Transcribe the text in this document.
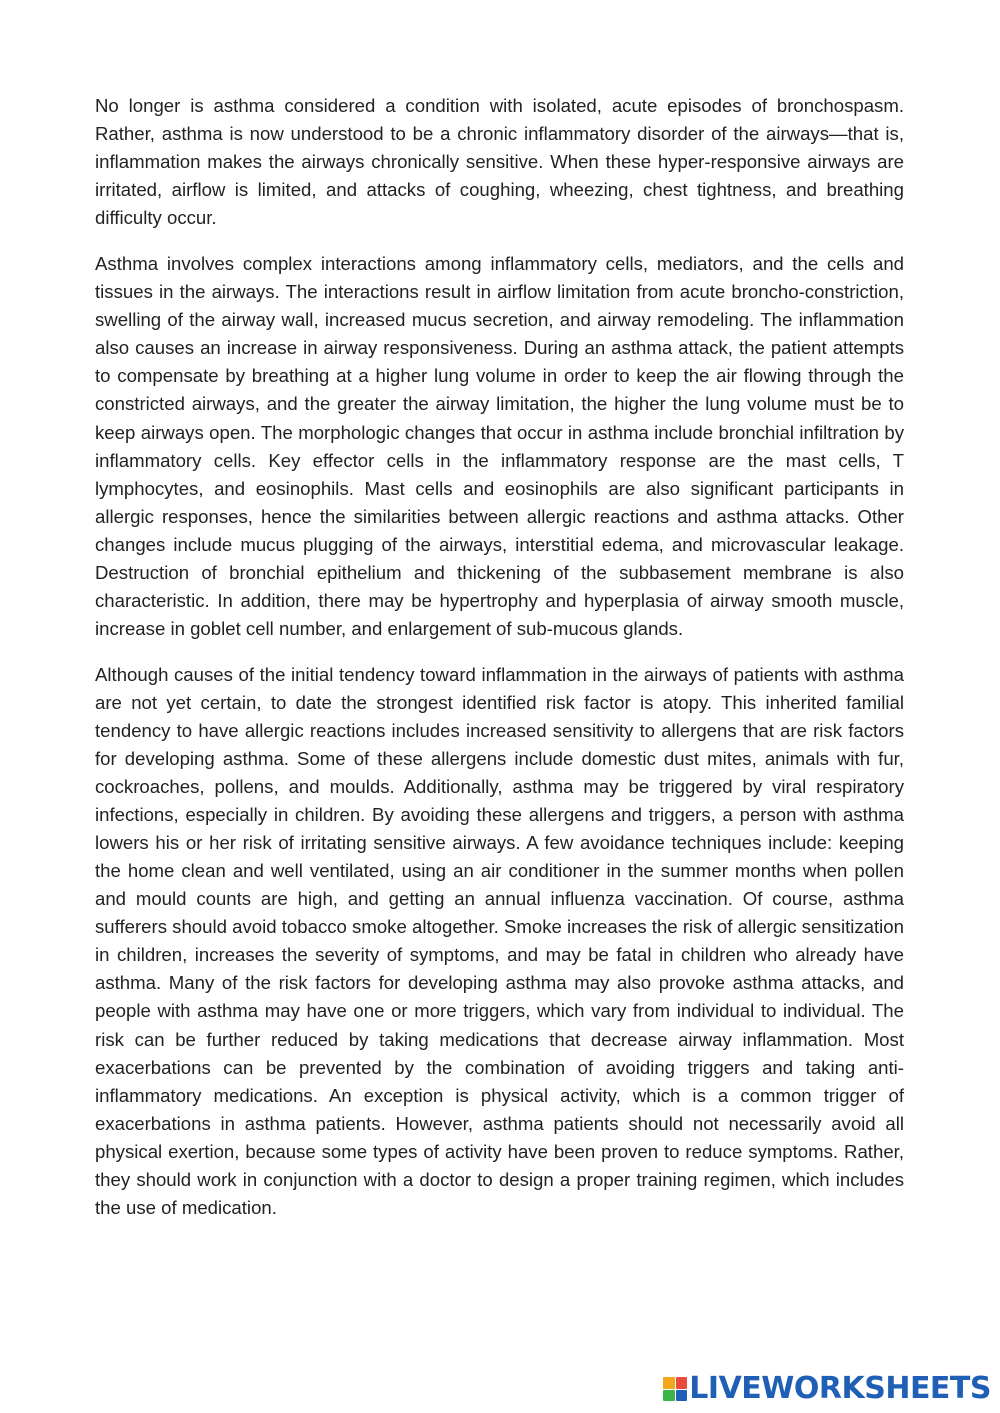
No longer is asthma considered a condition with isolated, acute episodes of bronchospasm. Rather, asthma is now understood to be a chronic inflammatory disorder of the airways—that is, inflammation makes the airways chronically sensitive. When these hyper-responsive airways are irritated, airflow is limited, and attacks of coughing, wheezing, chest tightness, and breathing difficulty occur.

Asthma involves complex interactions among inflammatory cells, mediators, and the cells and tissues in the airways. The interactions result in airflow limitation from acute broncho-constriction, swelling of the airway wall, increased mucus secretion, and airway remodeling. The inflammation also causes an increase in airway responsiveness. During an asthma attack, the patient attempts to compensate by breathing at a higher lung volume in order to keep the air flowing through the constricted airways, and the greater the airway limitation, the higher the lung volume must be to keep airways open. The morphologic changes that occur in asthma include bronchial infiltration by inflammatory cells. Key effector cells in the inflammatory response are the mast cells, T lymphocytes, and eosinophils. Mast cells and eosinophils are also significant participants in allergic responses, hence the similarities between allergic reactions and asthma attacks. Other changes include mucus plugging of the airways, interstitial edema, and microvascular leakage. Destruction of bronchial epithelium and thickening of the subbasement membrane is also characteristic. In addition, there may be hypertrophy and hyperplasia of airway smooth muscle, increase in goblet cell number, and enlargement of sub-mucous glands.

Although causes of the initial tendency toward inflammation in the airways of patients with asthma are not yet certain, to date the strongest identified risk factor is atopy. This inherited familial tendency to have allergic reactions includes increased sensitivity to allergens that are risk factors for developing asthma. Some of these allergens include domestic dust mites, animals with fur, cockroaches, pollens, and moulds. Additionally, asthma may be triggered by viral respiratory infections, especially in children. By avoiding these allergens and triggers, a person with asthma lowers his or her risk of irritating sensitive airways. A few avoidance techniques include: keeping the home clean and well ventilated, using an air conditioner in the summer months when pollen and mould counts are high, and getting an annual influenza vaccination. Of course, asthma sufferers should avoid tobacco smoke altogether. Smoke increases the risk of allergic sensitization in children, increases the severity of symptoms, and may be fatal in children who already have asthma. Many of the risk factors for developing asthma may also provoke asthma attacks, and people with asthma may have one or more triggers, which vary from individual to individual. The risk can be further reduced by taking medications that decrease airway inflammation. Most exacerbations can be prevented by the combination of avoiding triggers and taking anti-inflammatory medications. An exception is physical activity, which is a common trigger of exacerbations in asthma patients. However, asthma patients should not necessarily avoid all physical exertion, because some types of activity have been proven to reduce symptoms. Rather, they should work in conjunction with a doctor to design a proper training regimen, which includes the use of medication.

LIVEWORKSHEETS
